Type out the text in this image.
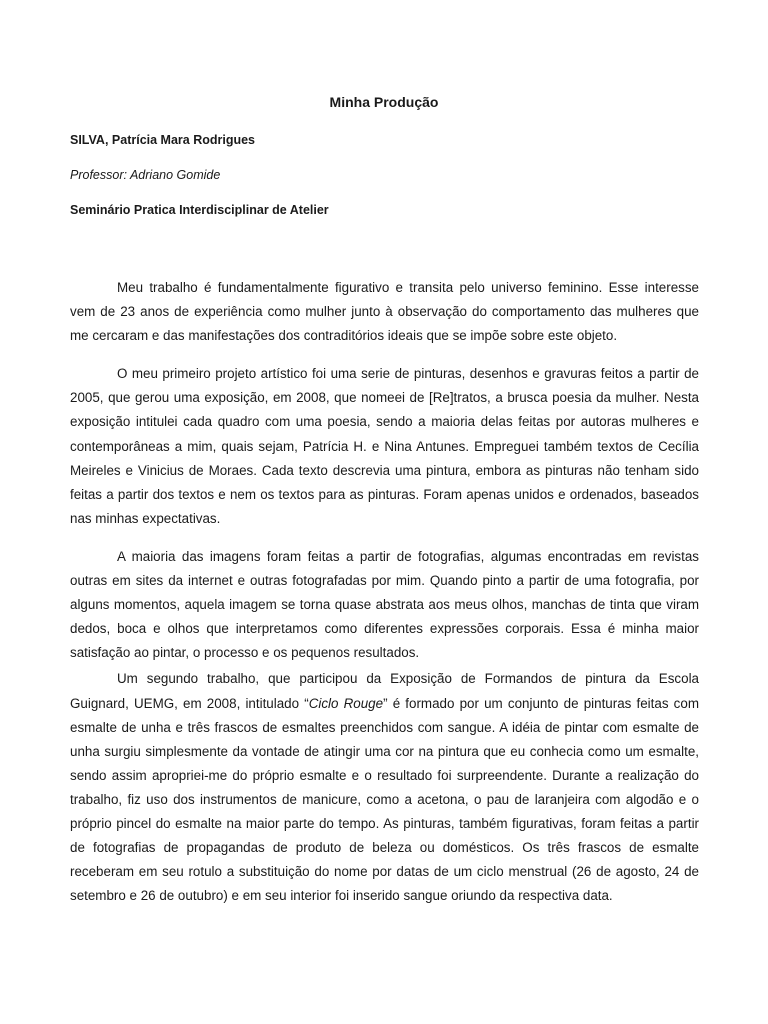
Minha Produção
SILVA, Patrícia Mara Rodrigues
Professor: Adriano Gomide
Seminário Pratica Interdisciplinar de Atelier

Meu trabalho é fundamentalmente figurativo e transita pelo universo feminino. Esse interesse vem de 23 anos de experiência como mulher junto à observação do comportamento das mulheres que me cercaram e das manifestações dos contraditórios ideais que se impõe sobre este objeto.

O meu primeiro projeto artístico foi uma serie de pinturas, desenhos e gravuras feitos a partir de 2005, que gerou uma exposição, em 2008, que nomeei de [Re]tratos, a brusca poesia da mulher. Nesta exposição intitulei cada quadro com uma poesia, sendo a maioria delas feitas por autoras mulheres e contemporâneas a mim, quais sejam, Patrícia H. e Nina Antunes. Empreguei também textos de Cecília Meireles e Vinicius de Moraes. Cada texto descrevia uma pintura, embora as pinturas não tenham sido feitas a partir dos textos e nem os textos para as pinturas. Foram apenas unidos e ordenados, baseados nas minhas expectativas.

A maioria das imagens foram feitas a partir de fotografias, algumas encontradas em revistas outras em sites da internet e outras fotografadas por mim. Quando pinto a partir de uma fotografia, por alguns momentos, aquela imagem se torna quase abstrata aos meus olhos, manchas de tinta que viram dedos, boca e olhos que interpretamos como diferentes expressões corporais. Essa é minha maior satisfação ao pintar, o processo e os pequenos resultados.

Um segundo trabalho, que participou da Exposição de Formandos de pintura da Escola Guignard, UEMG, em 2008, intitulado “Ciclo Rouge” é formado por um conjunto de pinturas feitas com esmalte de unha e três frascos de esmaltes preenchidos com sangue. A idéia de pintar com esmalte de unha surgiu simplesmente da vontade de atingir uma cor na pintura que eu conhecia como um esmalte, sendo assim apropriei-me do próprio esmalte e o resultado foi surpreendente. Durante a realização do trabalho, fiz uso dos instrumentos de manicure, como a acetona, o pau de laranjeira com algodão e o próprio pincel do esmalte na maior parte do tempo. As pinturas, também figurativas, foram feitas a partir de fotografias de propagandas de produto de beleza ou domésticos. Os três frascos de esmalte receberam em seu rotulo a substituição do nome por datas de um ciclo menstrual (26 de agosto, 24 de setembro e 26 de outubro) e em seu interior foi inserido sangue oriundo da respectiva data.
